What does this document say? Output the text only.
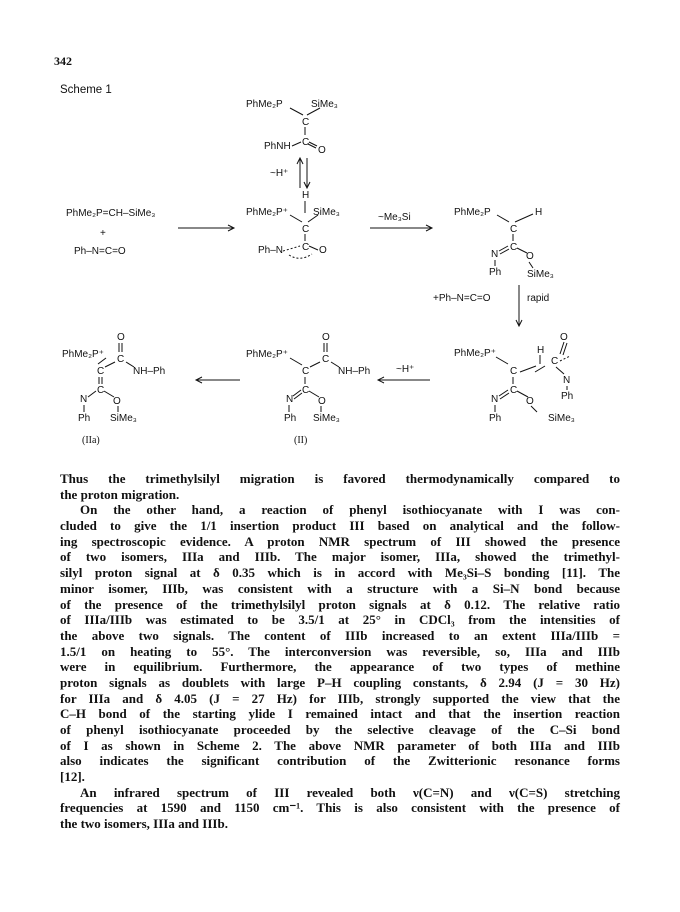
342
Scheme 1
PhMe₂P	SiMe₃
C
C
PhNH	O
~H⁺
PhMe₂P=CH–SiMe₃
+
Ph–N=C=O
H
PhMe₂P⁺	SiMe₃
C
C
Ph–N	O
~Me₃Si	PhMe₂P	H
C
C
N	O
Ph	SiMe₃
+Ph–N=C=O	rapid
O
H
PhMe₂P⁺
C
C
N
Ph
C
N	O
Ph	SiMe₃
~H⁺
O
PhMe₂P⁺	C
C	NH–Ph
C
N O
Ph SiMe₃
(II)
O
PhMe₂P⁺ C
C	NH–Ph
C
N	O
Ph SiMe₃
(IIa)
Thus the trimethylsilyl migration is favored thermodynamically compared to
the proton migration.
On the other hand, a reaction of phenyl isothiocyanate with I was con-
cluded to give the 1/1 insertion product III based on analytical and the follow-
ing spectroscopic evidence. A proton NMR spectrum of III showed the presence
of two isomers, IIIa and IIIb. The major isomer, IIIa, showed the trimethyl-
silyl proton signal at δ 0.35 which is in accord with Me₃Si–S bonding [11]. The
minor isomer, IIIb, was consistent with a structure with a Si–N bond because
of the presence of the trimethylsilyl proton signals at δ 0.12. The relative ratio
of IIIa/IIIb was estimated to be 3.5/1 at 25° in CDCl₃ from the intensities of
the above two signals. The content of IIIb increased to an extent IIIa/IIIb =
1.5/1 on heating to 55°. The interconversion was reversible, so, IIIa and IIIb
were in equilibrium. Furthermore, the appearance of two types of methine
proton signals as doublets with large P–H coupling constants, δ 2.94 (J = 30 Hz)
for IIIa and δ 4.05 (J = 27 Hz) for IIIb, strongly supported the view that the
C–H bond of the starting ylide I remained intact and that the insertion reaction
of phenyl isothiocyanate proceeded by the selective cleavage of the C–Si bond
of I as shown in Scheme 2. The above NMR parameter of both IIIa and IIIb
also indicates the significant contribution of the Zwitterionic resonance forms
[12].
An infrared spectrum of III revealed both ν(C=N) and ν(C=S) stretching
frequencies at 1590 and 1150 cm⁻¹. This is also consistent with the presence of
the two isomers, IIIa and IIIb.
